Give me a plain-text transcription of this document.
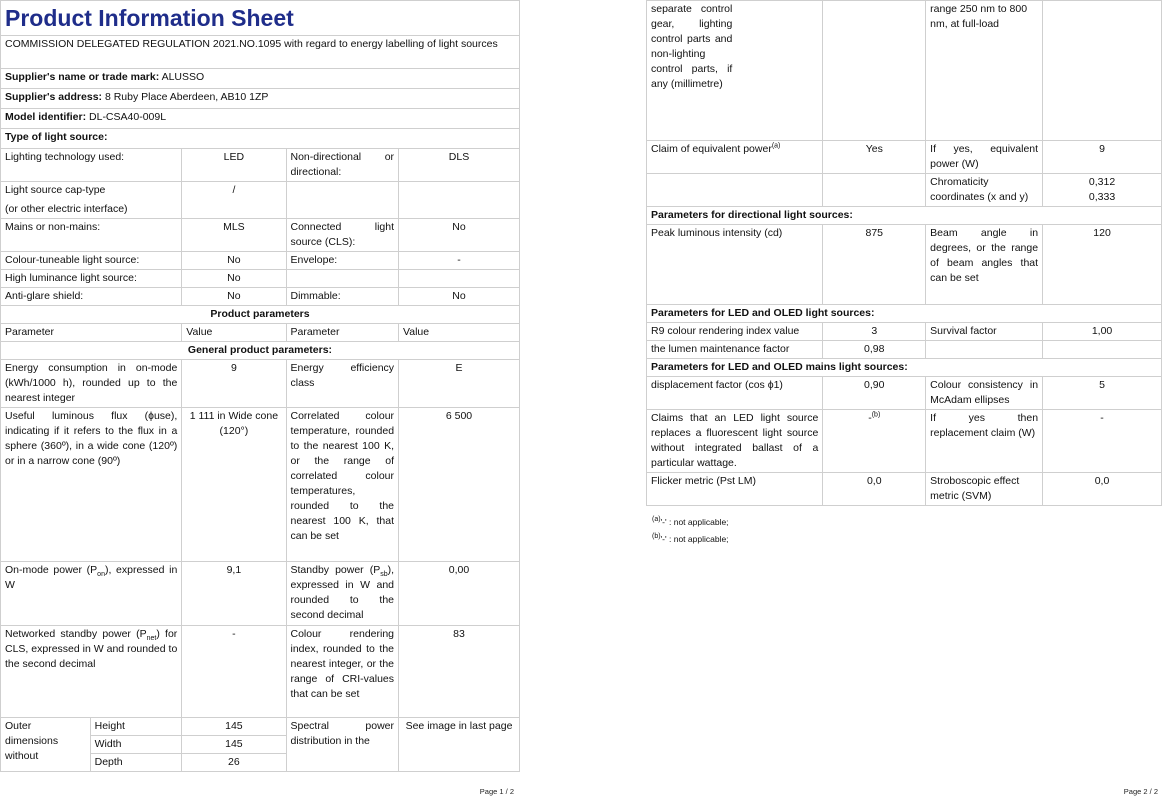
Product Information Sheet				
COMMISSION DELEGATED REGULATION 2021.NO.1095 with regard to energy labelling of light sources				
Supplier's name or trade mark: ALUSSO				
Supplier's address: 8 Ruby Place Aberdeen, AB10 1ZP				
Model identifier: DL-CSA40-009L				
Type of light source:				
Lighting technology used:		LED	Non-directional or directional:	DLS

Light source cap-type
(or other electric interface)		/		
Mains or non-mains:		MLS	Connected light source (CLS):	No
Colour-tuneable light source:		No	Envelope:	-
High luminance light source:		No		
Anti-glare shield:		No	Dimmable:	No
Product parameters				
Parameter		Value	Parameter	Value
General product parameters:				
Energy consumption in on-mode (kWh/1000 h), rounded up to the nearest integer		9	Energy efficiency class	E
Useful luminous flux (ɸuse), indicating if it refers to the flux in a sphere (360º), in a wide cone (120º) or in a narrow cone (90º)		1 111 in Wide cone (120°)	Correlated colour temperature, rounded to the nearest 100 K, or the range of correlated colour temperatures, rounded to the nearest 100 K, that can be set	6 500
On-mode power $(P_{on})$, expressed in W		9,1	Standby power $(P_{sb})$, expressed in W and rounded to the second decimal	0,00
Networked standby power $(P_{net})$ for CLS, expressed in W and rounded to the second decimal		-	Colour rendering index, rounded to the nearest integer, or the range of CRI-values that can be set	83
Outer dimensions without	Height	145	Spectral power distribution in the	See image in last page
	Width	145		
	Depth	26		
Page 1 / 2
separate control gear, lighting control parts and non-lighting control parts, if any (millimetre)		range 250 nm to 800 nm, at full-load	
Claim of equivalent power$^{(a)}$	Yes	If yes, equivalent power (W)	9
		Chromaticity coordinates (x and y)	0,312
0,333

Parameters for directional light sources:			
Peak luminous intensity (cd)	875	Beam angle in degrees, or the range of beam angles that can be set	120
Parameters for LED and OLED light sources:			
R9 colour rendering index value	3	Survival factor	1,00
the lumen maintenance factor	0,98		
Parameters for LED and OLED mains light sources:			
displacement factor (cos ϕ1)	0,90	Colour consistency in McAdam ellipses	5
Claims that an LED light source replaces a fluorescent light source without integrated ballast of a particular wattage.	-$^{(b)}$	If yes then replacement claim (W)	-
Flicker metric (Pst LM)	0,0	Stroboscopic effect metric (SVM)	0,0
$^{(a)}$'-' : not applicable;
$^{(b)}$'-' : not applicable;
Page 2 / 2
